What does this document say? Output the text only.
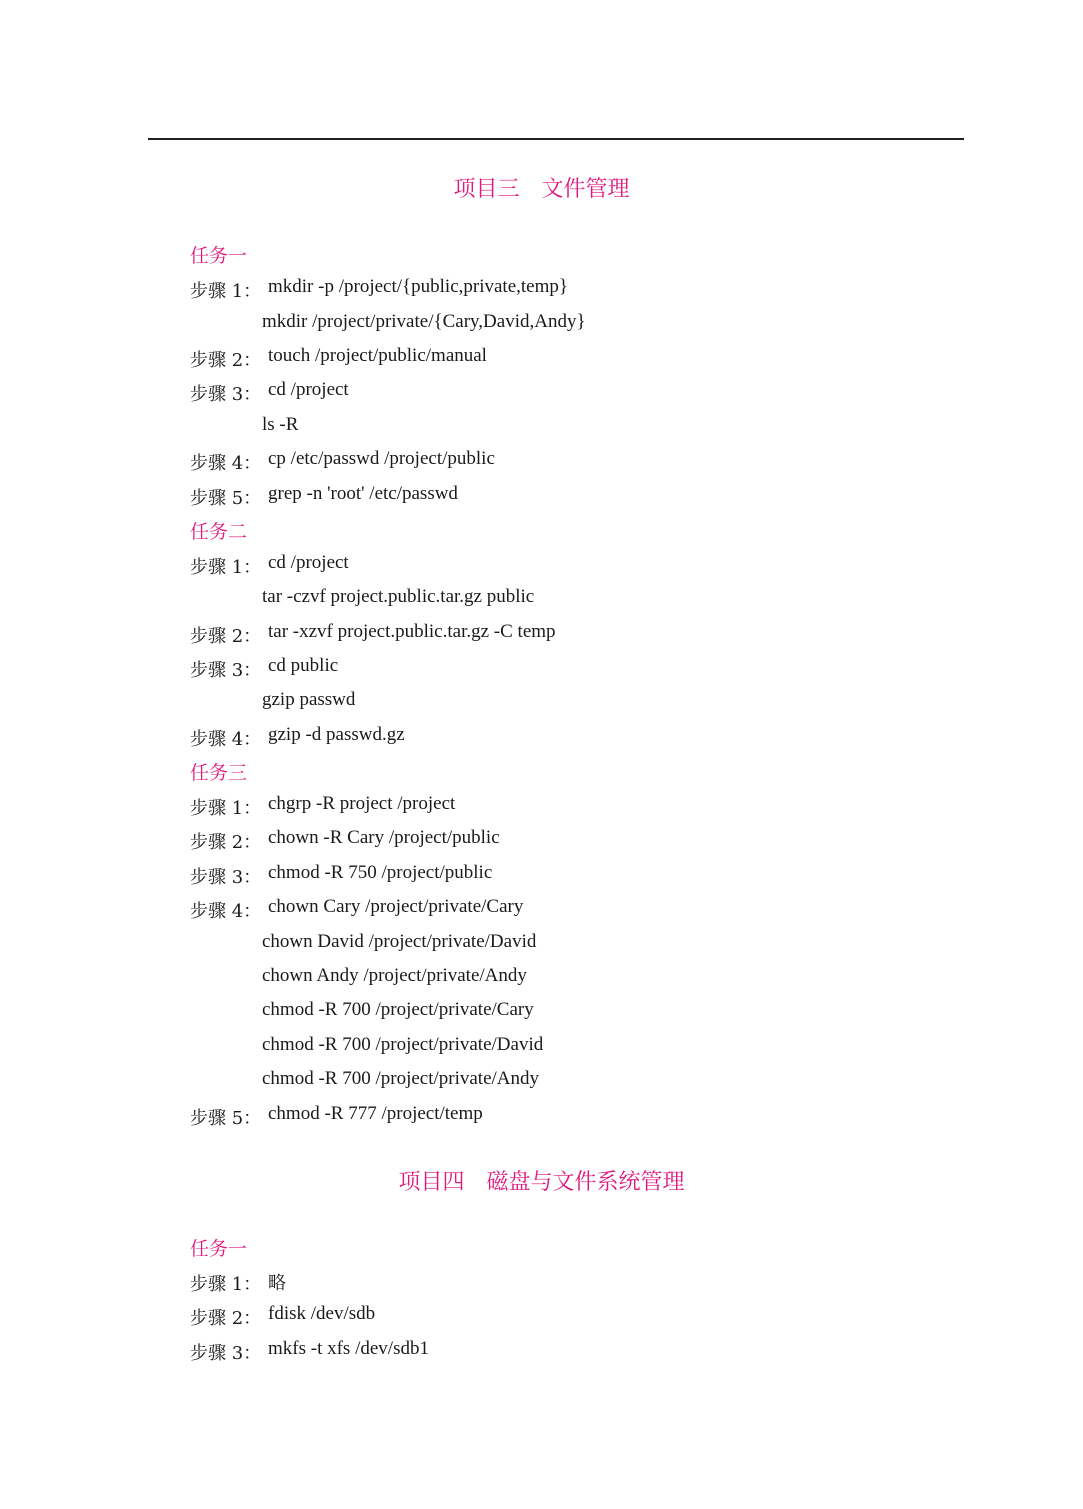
项目三　文件管理
任务一
步骤 1： mkdir -p /project/{public,private,temp}
mkdir /project/private/{Cary,David,Andy}
步骤 2： touch /project/public/manual
步骤 3： cd /project
ls -R
步骤 4： cp /etc/passwd /project/public
步骤 5： grep -n 'root' /etc/passwd
任务二
步骤 1： cd /project
tar -czvf project.public.tar.gz public
步骤 2： tar -xzvf project.public.tar.gz -C temp
步骤 3： cd public
gzip passwd
步骤 4： gzip -d passwd.gz
任务三
步骤 1： chgrp -R project /project
步骤 2： chown -R Cary /project/public
步骤 3： chmod -R 750 /project/public
步骤 4： chown Cary /project/private/Cary
chown David /project/private/David
chown Andy /project/private/Andy
chmod -R 700 /project/private/Cary
chmod -R 700 /project/private/David
chmod -R 700 /project/private/Andy
步骤 5： chmod -R 777 /project/temp
项目四　磁盘与文件系统管理
任务一
步骤 1： 略
步骤 2： fdisk /dev/sdb
步骤 3： mkfs -t xfs /dev/sdb1
